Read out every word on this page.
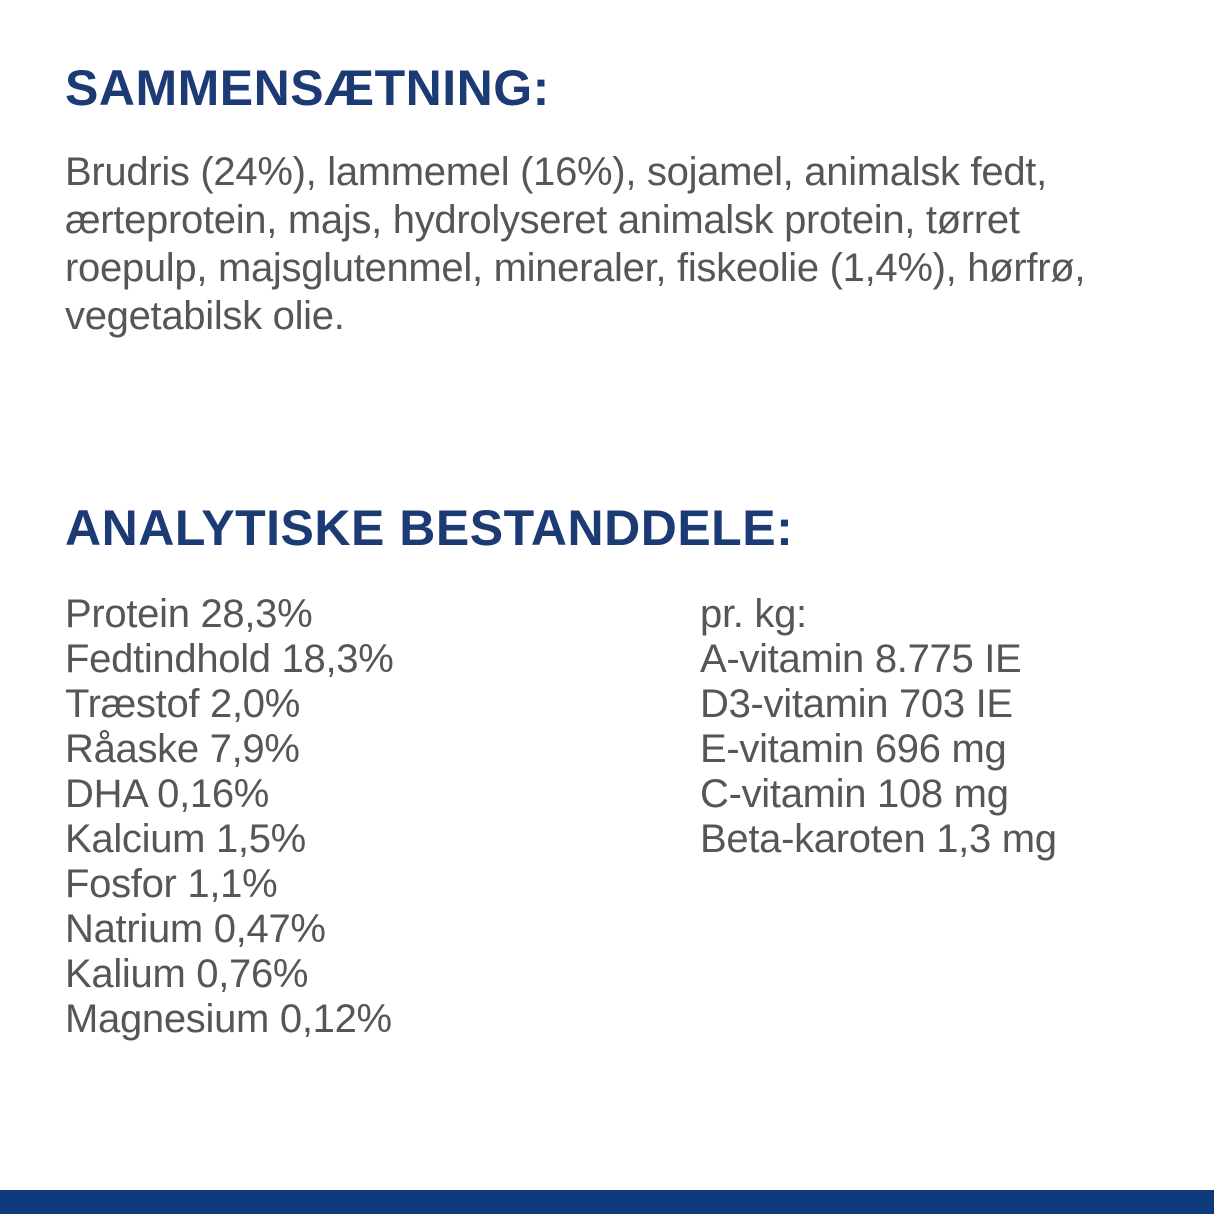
SAMMENSÆTNING:

Brudris (24%), lammemel (16%), sojamel, animalsk fedt, ærteprotein, majs, hydrolyseret animalsk protein, tørret roepulp, majsglutenmel, mineraler, fiskeolie (1,4%), hørfrø, vegetabilsk olie.

ANALYTISKE BESTANDDELE:
Protein 28,3%
Fedtindhold 18,3%
Træstof 2,0%
Råaske 7,9%
DHA 0,16%
Kalcium 1,5%
Fosfor 1,1%
Natrium 0,47%
Kalium 0,76%
Magnesium 0,12%
pr. kg:
A-vitamin 8.775 IE
D3-vitamin 703 IE
E-vitamin 696 mg
C-vitamin 108 mg
Beta-karoten 1,3 mg
